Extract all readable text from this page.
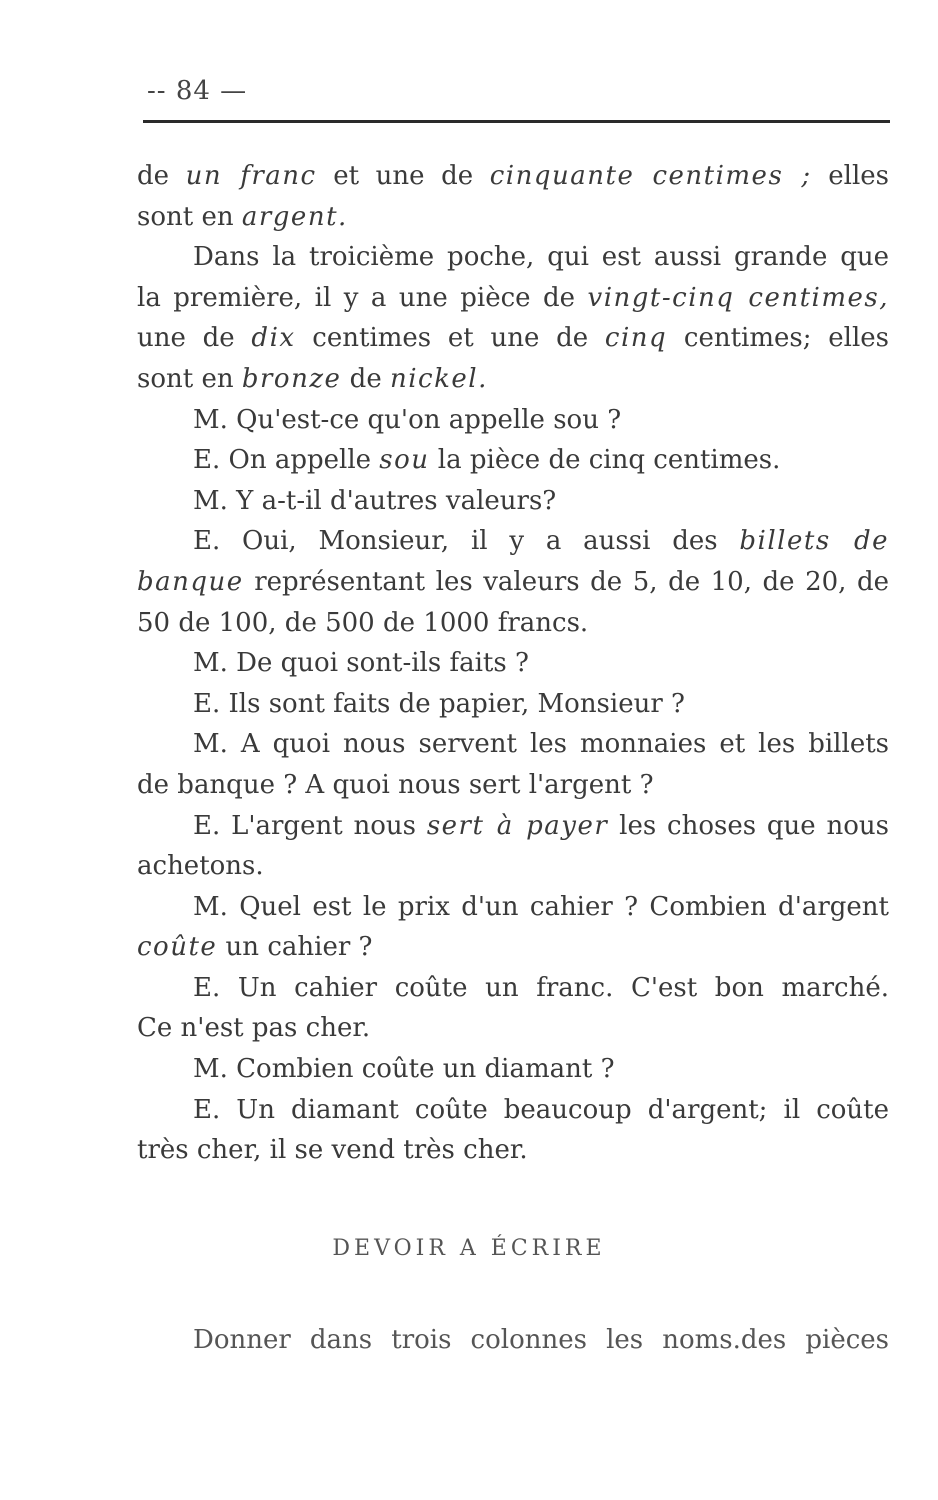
-- 84 —
de un franc et une de cinquante centimes ; elles
sont en argent.
Dans la troicième poche, qui est aussi grande que
la première, il y a une pièce de vingt-cinq centimes,
une de dix centimes et une de cinq centimes; elles
sont en bronze de nickel.
M. Qu'est-ce qu'on appelle sou ?
E. On appelle sou la pièce de cinq centimes.
M. Y a-t-il d'autres valeurs?
E. Oui, Monsieur, il y a aussi des billets de
banque représentant les valeurs de 5, de 10, de 20, de
50 de 100, de 500 de 1000 francs.
M. De quoi sont-ils faits ?
E. Ils sont faits de papier, Monsieur ?
M. A quoi nous servent les monnaies et les billets
de banque ? A quoi nous sert l'argent ?
E. L'argent nous sert à payer les choses que nous
achetons.
M. Quel est le prix d'un cahier ? Combien d'argent
coûte un cahier ?
E. Un cahier coûte un franc. C'est bon marché.
Ce n'est pas cher.
M. Combien coûte un diamant ?
E. Un diamant coûte beaucoup d'argent; il coûte
très cher, il se vend très cher.
DEVOIR A ÉCRIRE
Donner dans trois colonnes les noms.des pièces
